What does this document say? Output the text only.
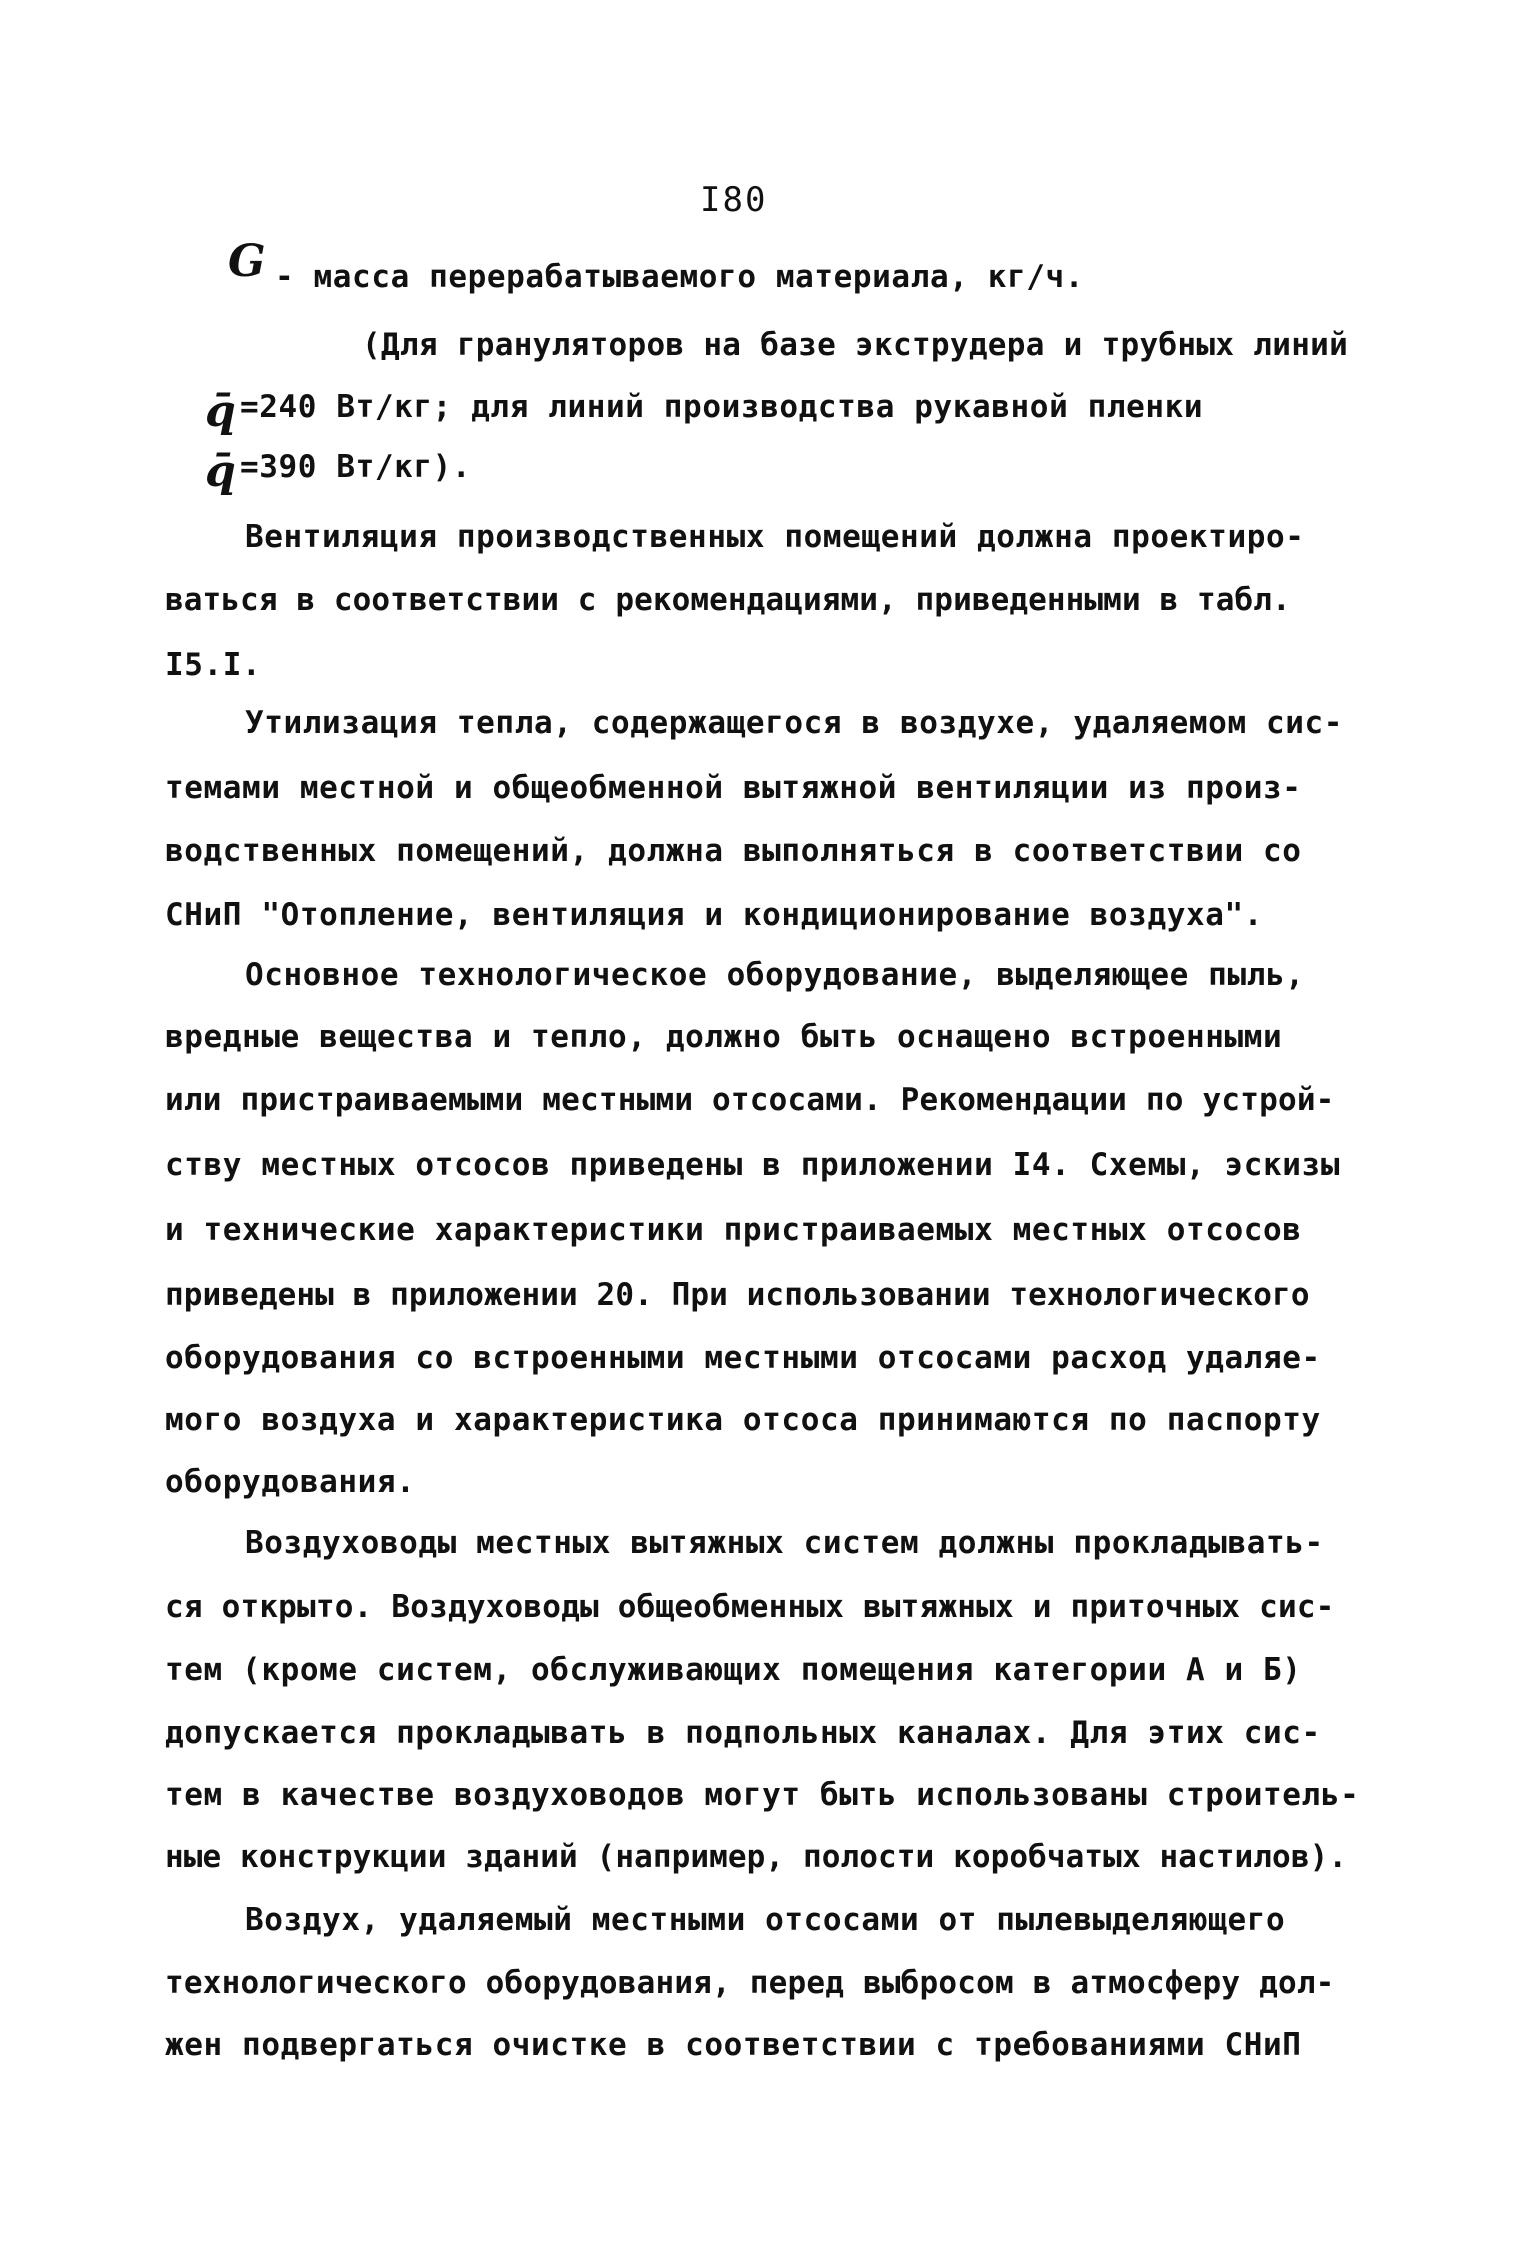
I80
G
q̄
q̄
- масса перерабатываемого материала, кг/ч.
(Для грануляторов на базе экструдера и трубных линий
=240 Вт/кг; для линий производства рукавной пленки
=390 Вт/кг).
Вентиляция производственных помещений должна проектиро-
ваться в соответствии с рекомендациями, приведенными в табл.
I5.I.
Утилизация тепла, содержащегося в воздухе, удаляемом сис-
темами местной и общеобменной вытяжной вентиляции из произ-
водственных помещений, должна выполняться в соответствии со
СНиП "Отопление, вентиляция и кондиционирование воздуха".
Основное технологическое оборудование, выделяющее пыль,
вредные вещества и тепло, должно быть оснащено встроенными
или пристраиваемыми местными отсосами. Рекомендации по устрой-
ству местных отсосов приведены в приложении I4. Схемы, эскизы
и технические характеристики пристраиваемых местных отсосов
приведены в приложении 20. При использовании технологического
оборудования со встроенными местными отсосами расход удаляе-
мого воздуха и характеристика отсоса принимаются по паспорту
оборудования.
Воздуховоды местных вытяжных систем должны прокладывать-
ся открыто. Воздуховоды общеобменных вытяжных и приточных сис-
тем (кроме систем, обслуживающих помещения категории А и Б)
допускается прокладывать в подпольных каналах. Для этих сис-
тем в качестве воздуховодов могут быть использованы строитель-
ные конструкции зданий (например, полости коробчатых настилов).
Воздух, удаляемый местными отсосами от пылевыделяющего
технологического оборудования, перед выбросом в атмосферу дол-
жен подвергаться очистке в соответствии с требованиями СНиП
